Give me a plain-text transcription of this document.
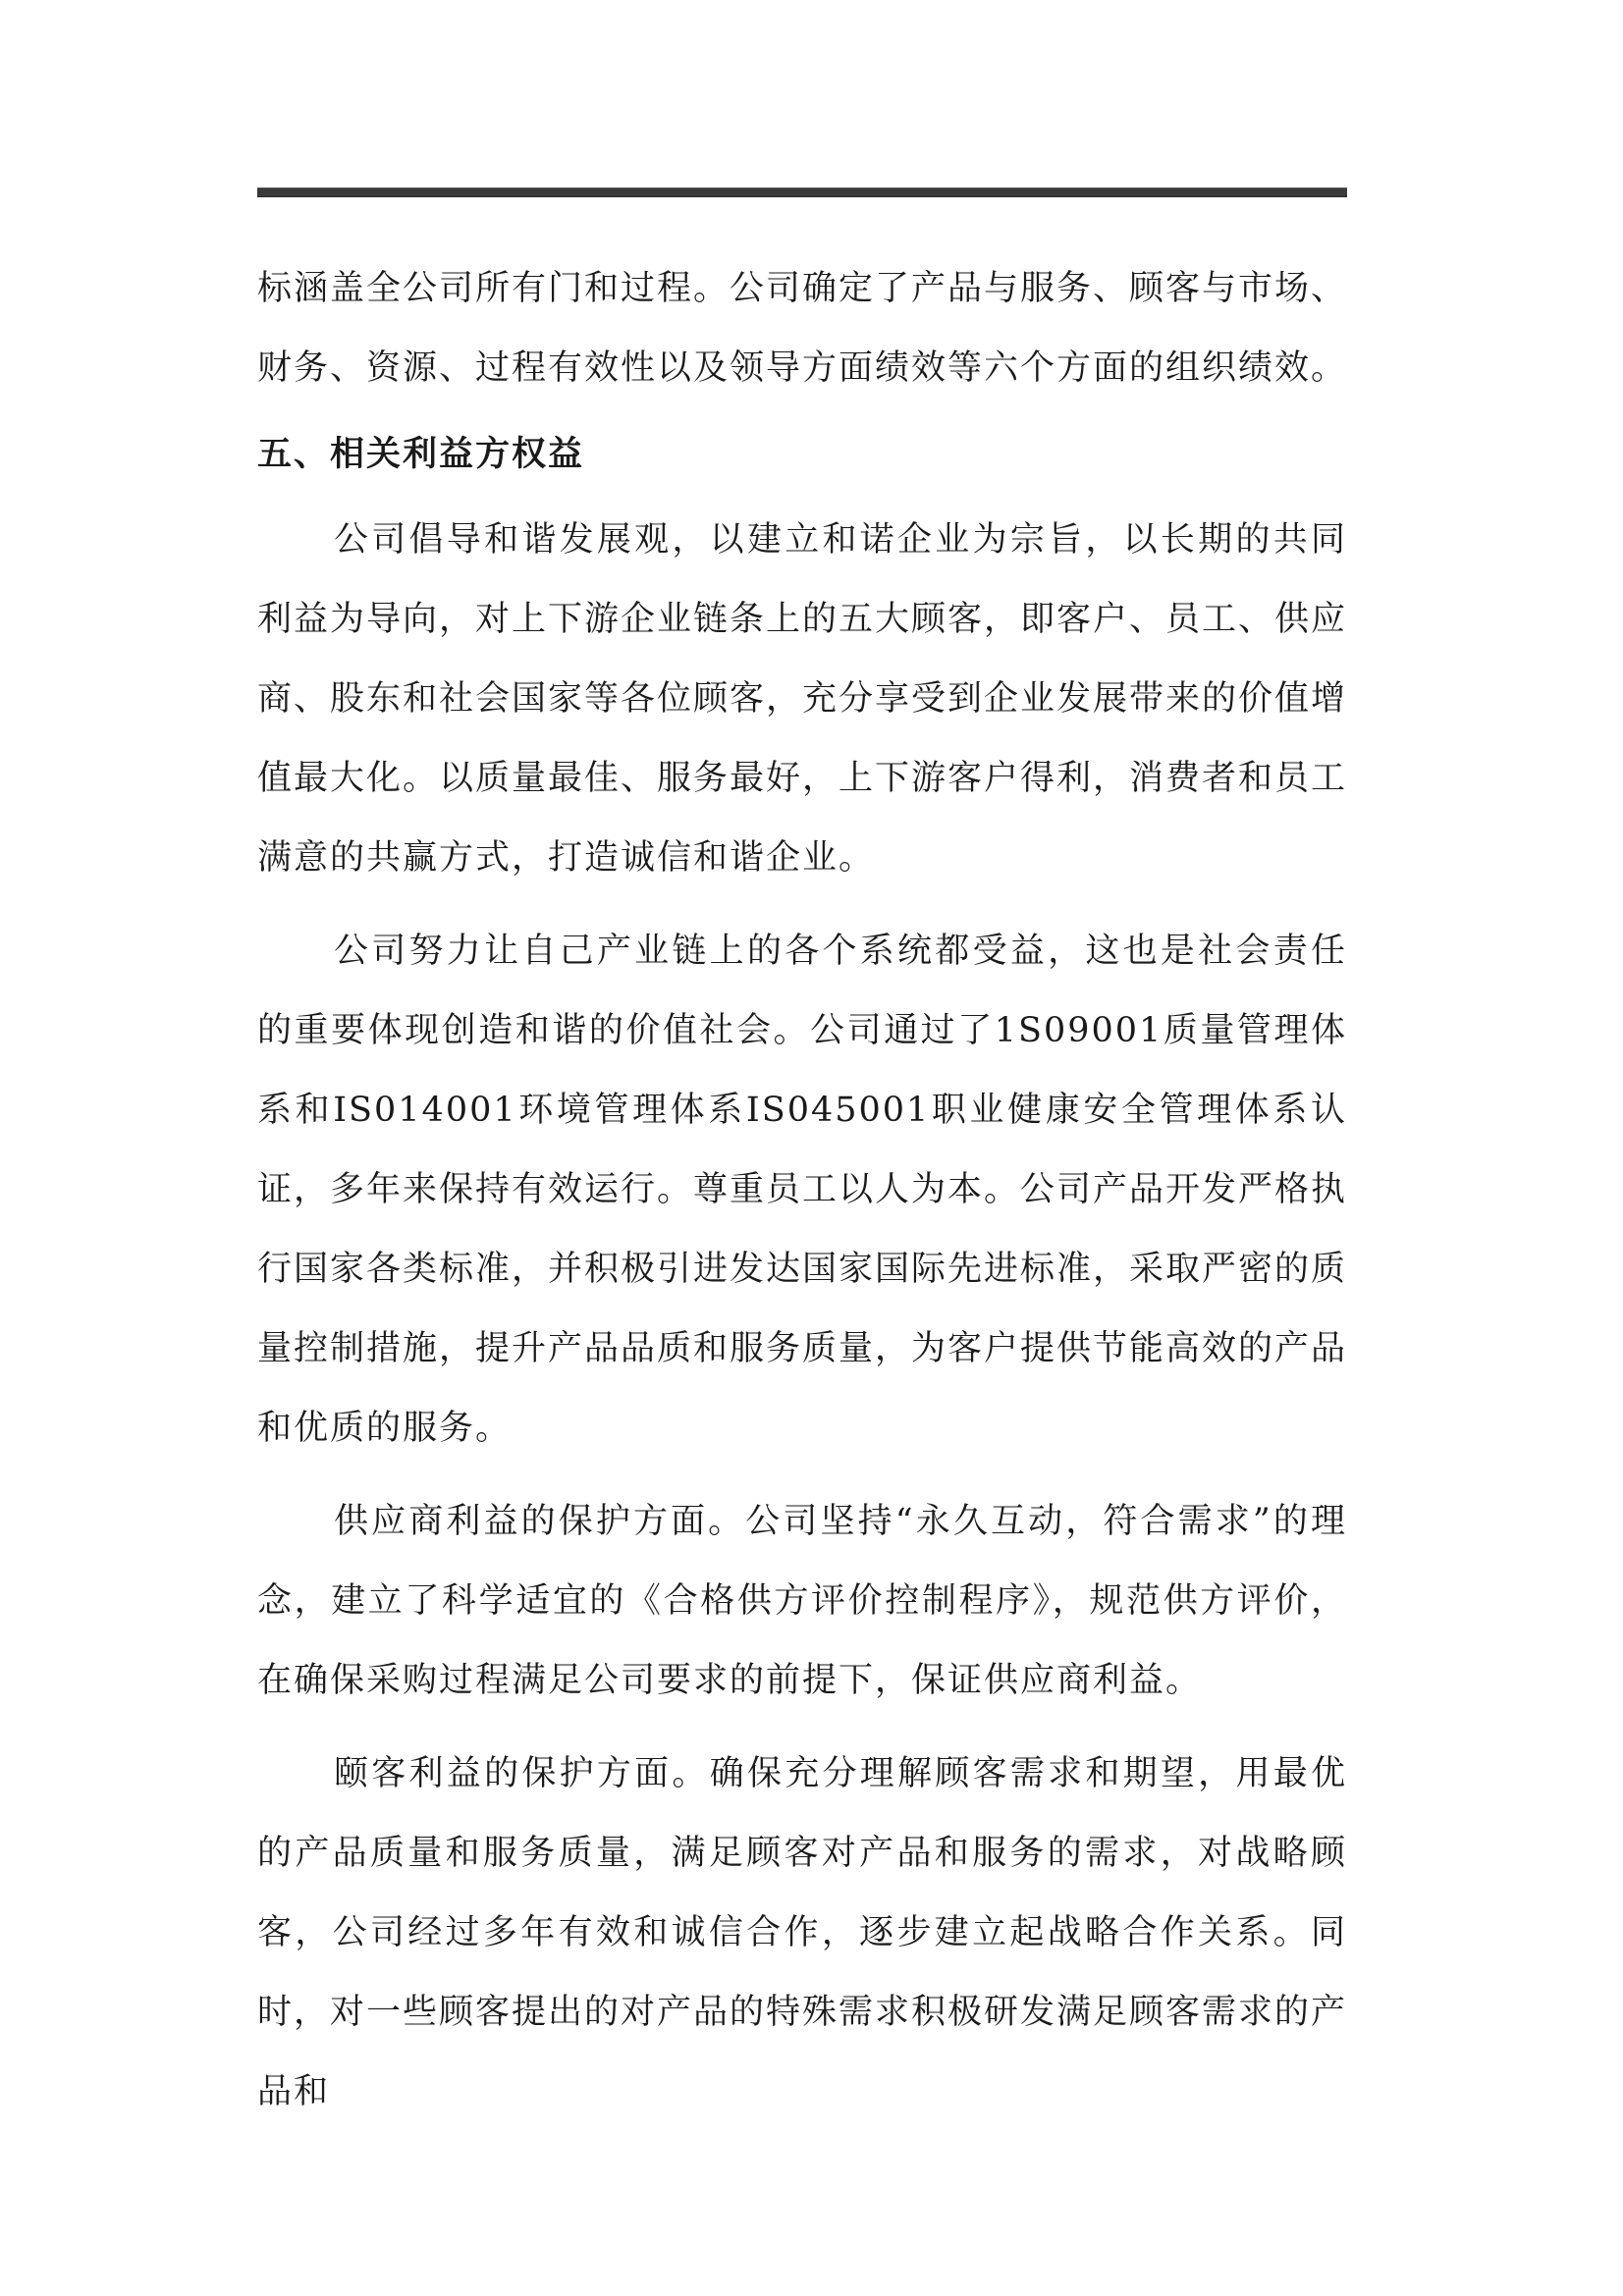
标涵盖全公司所有门和过程。公司确定了产品与服务、顾客与市场、财务、资源、过程有效性以及领导方面绩效等六个方面的组织绩效。

五、相关利益方权益

公司倡导和谐发展观，以建立和诺企业为宗旨，以长期的共同利益为导向，对上下游企业链条上的五大顾客，即客户、员工、供应商、股东和社会国家等各位顾客，充分享受到企业发展带来的价值增值最大化。以质量最佳、服务最好，上下游客户得利，消费者和员工满意的共赢方式，打造诚信和谐企业。

公司努力让自己产业链上的各个系统都受益，这也是社会责任的重要体现创造和谐的价值社会。公司通过了1S09001质量管理体系和IS014001环境管理体系IS045001职业健康安全管理体系认证，多年来保持有效运行。尊重员工以人为本。公司产品开发严格执行国家各类标准，并积极引进发达国家国际先进标准，采取严密的质量控制措施，提升产品品质和服务质量，为客户提供节能高效的产品和优质的服务。

供应商利益的保护方面。公司坚持“永久互动，符合需求”的理念，建立了科学适宜的《合格供方评价控制程序》，规范供方评价，在确保采购过程满足公司要求的前提下，保证供应商利益。

颐客利益的保护方面。确保充分理解顾客需求和期望，用最优的产品质量和服务质量，满足顾客对产品和服务的需求，对战略顾客，公司经过多年有效和诚信合作，逐步建立起战略合作关系。同时，对一些顾客提出的对产品的特殊需求积极研发满足顾客需求的产品和
